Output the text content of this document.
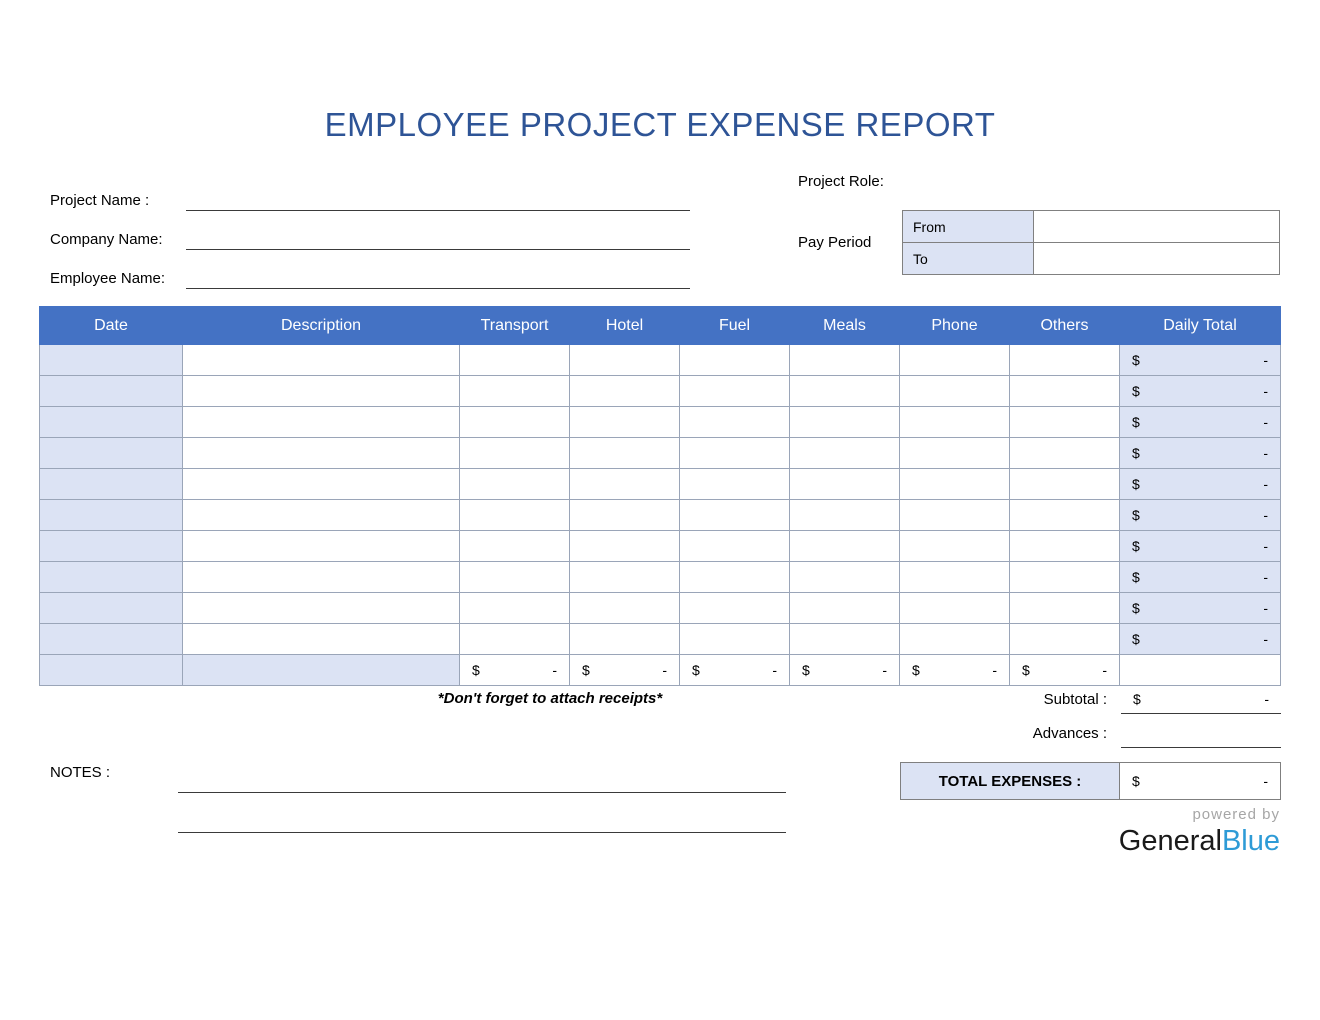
EMPLOYEE PROJECT EXPENSE REPORT
Project Name :
Company Name:
Employee Name:
Project Role:
Pay Period
From	
To	
Date	Description	Transport	Hotel	Fuel	Meals	Phone	Others	Daily Total

								$ -

								$ -

								$ -

								$ -

								$ -

								$ -

								$ -

								$ -

								$ -

								$ -

		$ -	$ -	$ -	$ -	$ -	$ -	

*Don't forget to attach receipts*	Subtotal :	$	-
Advances :
TOTAL EXPENSES :	$	-
NOTES :
powered by
GeneralBlue
